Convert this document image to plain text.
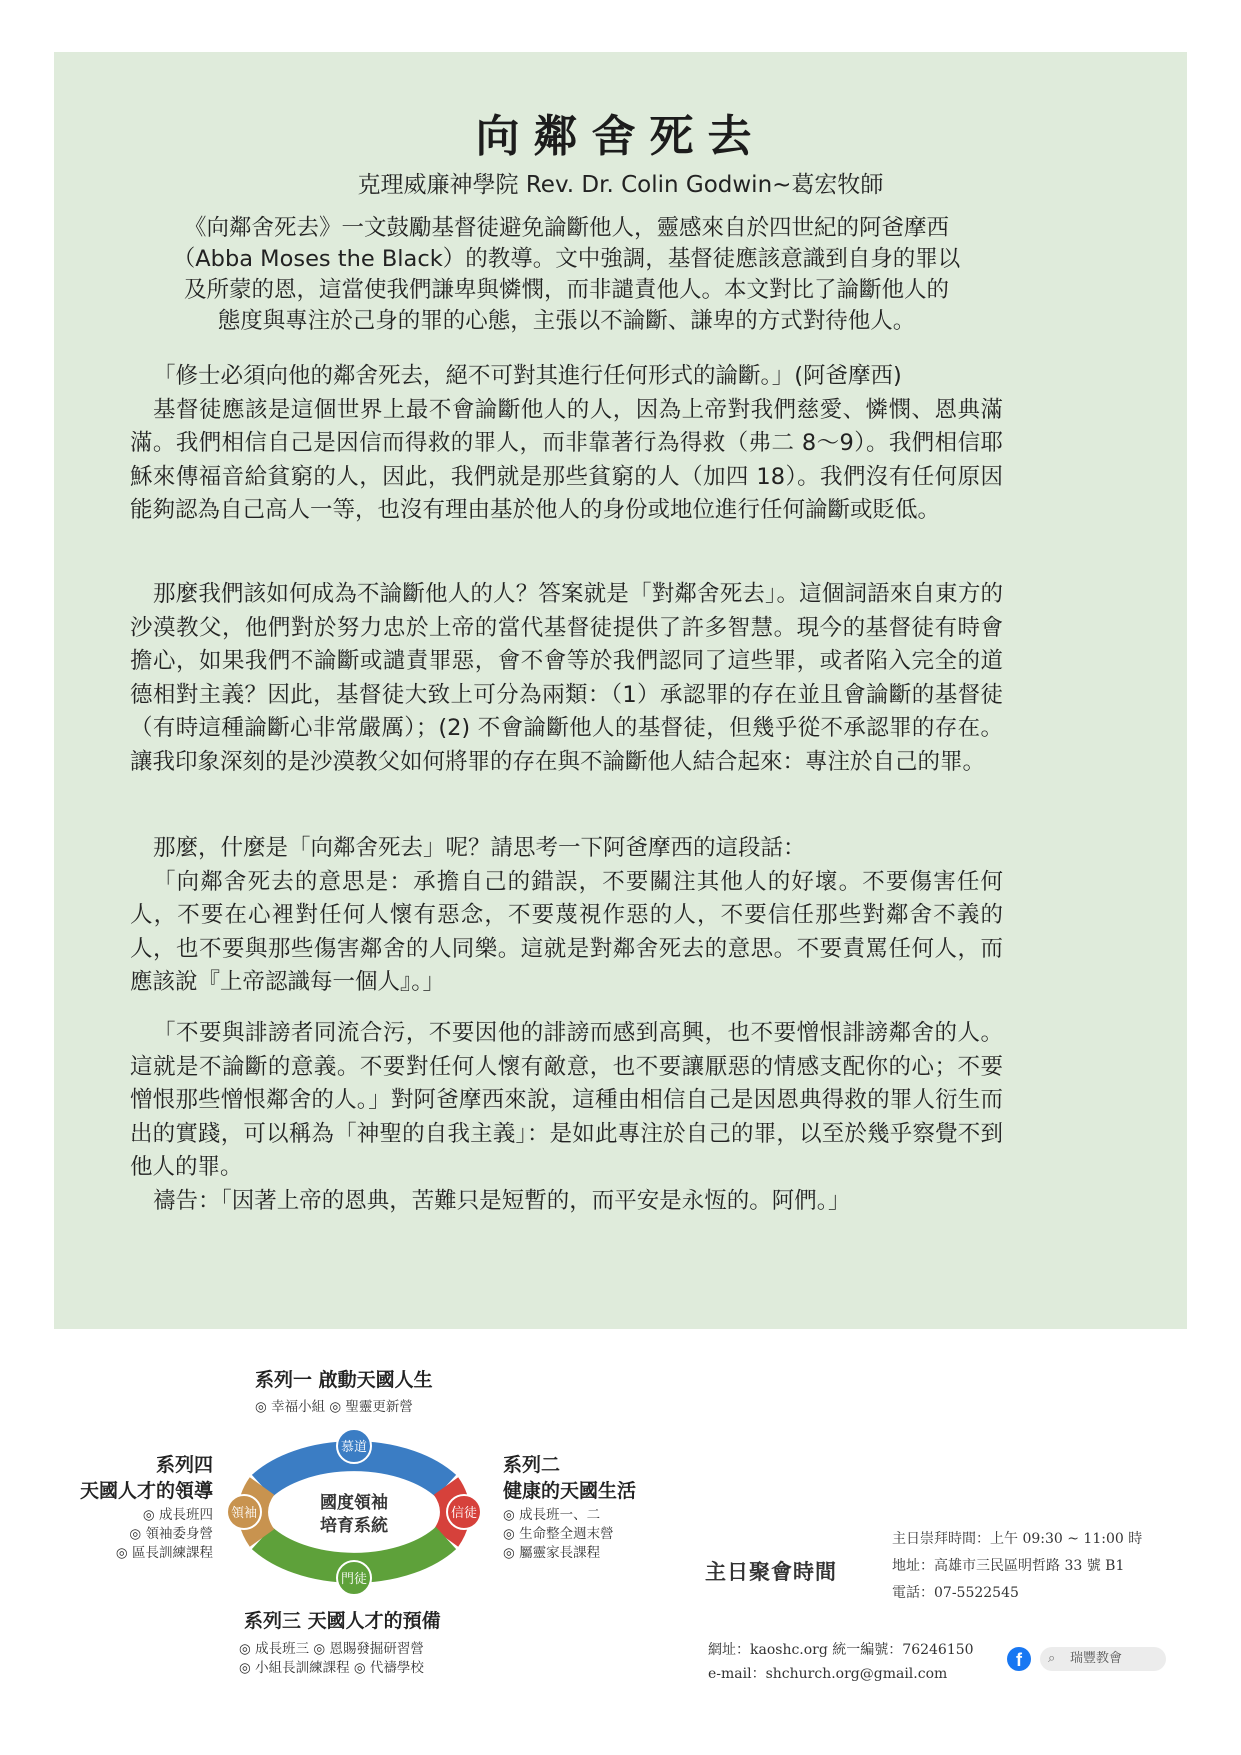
向鄰舍死去
克理威廉神學院 Rev. Dr. Colin Godwin~葛宏牧師
《向鄰舍死去》一文鼓勵基督徒避免論斷他人，靈感來自於四世紀的阿爸摩西
（Abba Moses the Black）的教導。文中強調，基督徒應該意識到自身的罪以
及所蒙的恩，這當使我們謙卑與憐憫，而非譴責他人。本文對比了論斷他人的
態度與專注於己身的罪的心態，主張以不論斷、謙卑的方式對待他人。

「修士必須向他的鄰舍死去，絕不可對其進行任何形式的論斷。」(阿爸摩西)

基督徒應該是這個世界上最不會論斷他人的人，因為上帝對我們慈愛、憐憫、恩典滿滿。我們相信自己是因信而得救的罪人，而非靠著行為得救（弗二 8～9）。我們相信耶穌來傳福音給貧窮的人，因此，我們就是那些貧窮的人（加四 18）。我們沒有任何原因能夠認為自己高人一等，也沒有理由基於他人的身份或地位進行任何論斷或貶低。

那麼我們該如何成為不論斷他人的人？答案就是「對鄰舍死去」。這個詞語來自東方的沙漠教父，他們對於努力忠於上帝的當代基督徒提供了許多智慧。現今的基督徒有時會擔心，如果我們不論斷或譴責罪惡，會不會等於我們認同了這些罪，或者陷入完全的道德相對主義？因此，基督徒大致上可分為兩類：（1）承認罪的存在並且會論斷的基督徒（有時這種論斷心非常嚴厲）；(2) 不會論斷他人的基督徒，但幾乎從不承認罪的存在。讓我印象深刻的是沙漠教父如何將罪的存在與不論斷他人結合起來：專注於自己的罪。

那麼，什麼是「向鄰舍死去」呢？請思考一下阿爸摩西的這段話：

「向鄰舍死去的意思是：承擔自己的錯誤，不要關注其他人的好壞。不要傷害任何人，不要在心裡對任何人懷有惡念，不要蔑視作惡的人，不要信任那些對鄰舍不義的人，也不要與那些傷害鄰舍的人同樂。這就是對鄰舍死去的意思。不要責罵任何人，而應該說『上帝認識每一個人』。」

「不要與誹謗者同流合污，不要因他的誹謗而感到高興，也不要憎恨誹謗鄰舍的人。這就是不論斷的意義。不要對任何人懷有敵意，也不要讓厭惡的情感支配你的心；不要憎恨那些憎恨鄰舍的人。」對阿爸摩西來說，這種由相信自己是因恩典得救的罪人衍生而出的實踐，可以稱為「神聖的自我主義」：是如此專注於自己的罪，以至於幾乎察覺不到他人的罪。

禱告：「因著上帝的恩典，苦難只是短暫的，而平安是永恆的。阿們。」

慕道
信徒
門徒
領袖
國度領袖
培育系統
系列一 啟動天國人生
◎ 幸福小組 ◎ 聖靈更新營
系列四
天國人才的領導
◎ 成長班四
◎ 領袖委身營
◎ 區長訓練課程
系列二
健康的天國生活
◎ 成長班一、二
◎ 生命整全週末營
◎ 屬靈家長課程
系列三 天國人才的預備
◎ 成長班三 ◎ 恩賜發掘研習營
◎ 小組長訓練課程 ◎ 代禱學校
主日聚會時間
主日崇拜時間：上午 09:30 ~ 11:00 時
地址：高雄市三民區明哲路 33 號 B1
電話：07-5522545
網址：kaoshc.org 統一編號：76246150
e-mail：shchurch.org@gmail.com
f	⌕ 瑞豐教會
